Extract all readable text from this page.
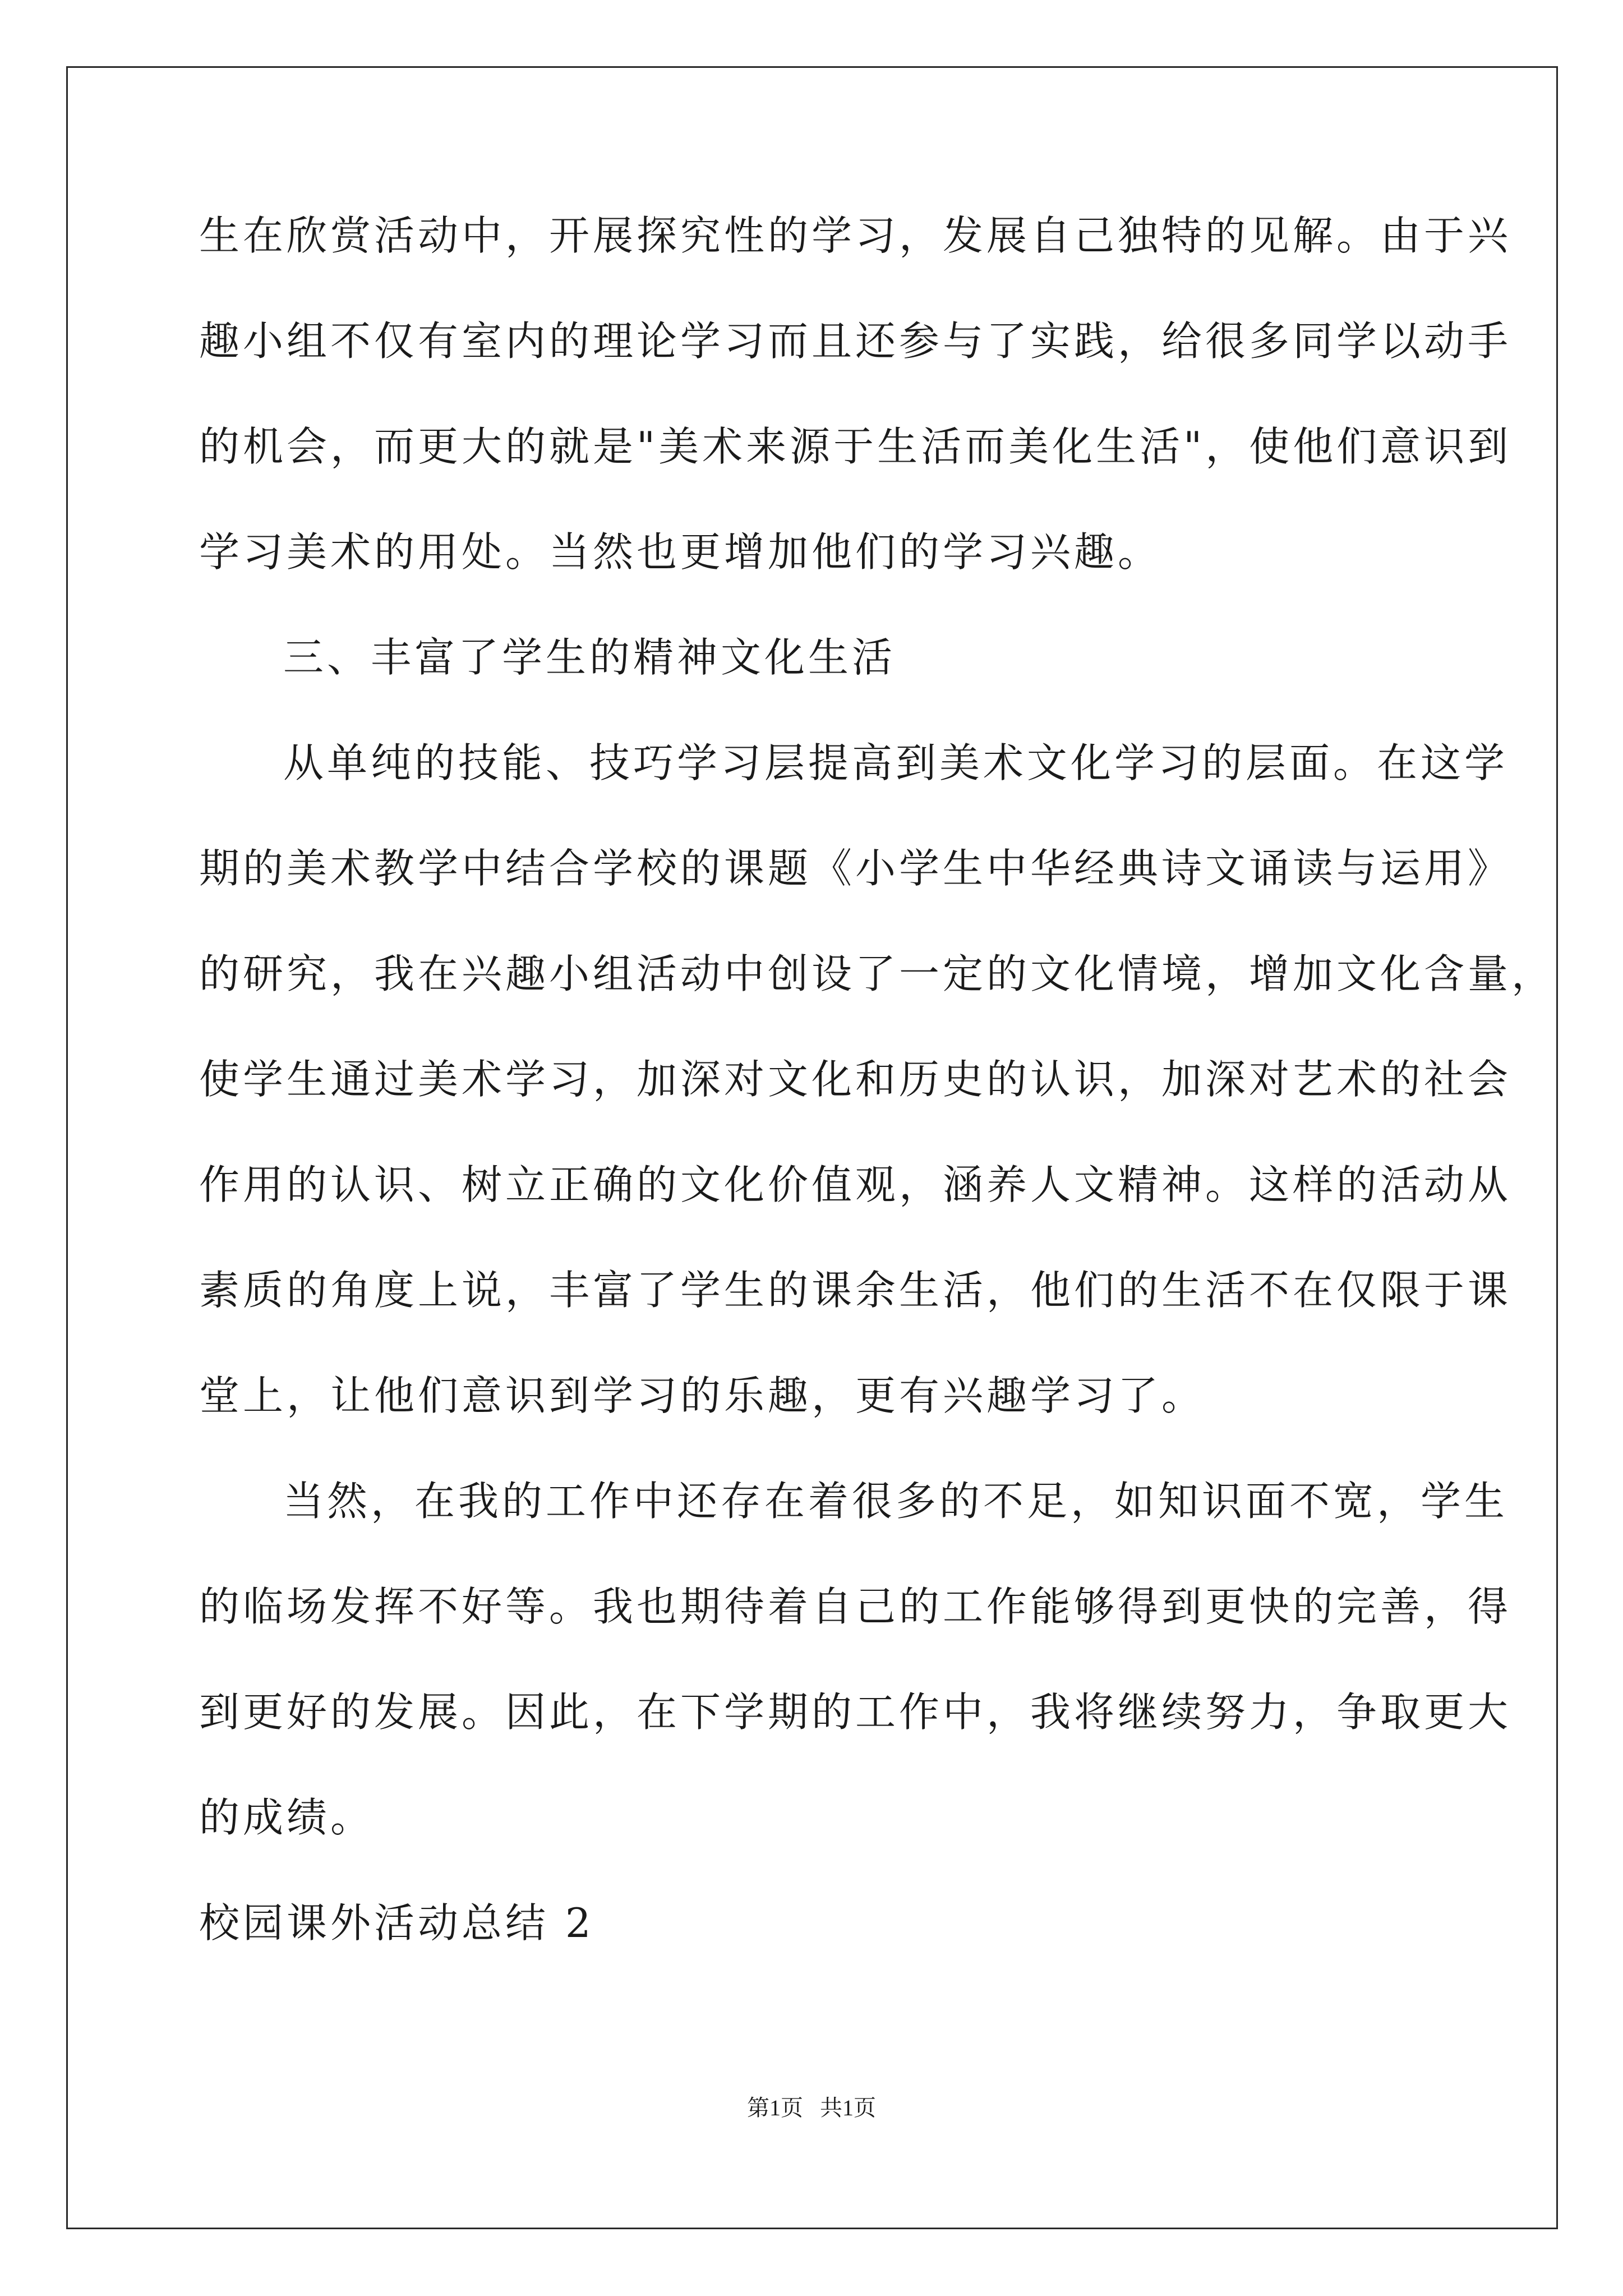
生在欣赏活动中，开展探究性的学习，发展自己独特的见解。由于兴
趣小组不仅有室内的理论学习而且还参与了实践，给很多同学以动手
的机会，而更大的就是"美术来源于生活而美化生活"，使他们意识到
学习美术的用处。当然也更增加他们的学习兴趣。
三、丰富了学生的精神文化生活
从单纯的技能、技巧学习层提高到美术文化学习的层面。在这学
期的美术教学中结合学校的课题《小学生中华经典诗文诵读与运用》
的研究，我在兴趣小组活动中创设了一定的文化情境，增加文化含量，
使学生通过美术学习，加深对文化和历史的认识，加深对艺术的社会
作用的认识、树立正确的文化价值观，涵养人文精神。这样的活动从
素质的角度上说，丰富了学生的课余生活，他们的生活不在仅限于课
堂上，让他们意识到学习的乐趣，更有兴趣学习了。
当然，在我的工作中还存在着很多的不足，如知识面不宽，学生
的临场发挥不好等。我也期待着自己的工作能够得到更快的完善，得
到更好的发展。因此，在下学期的工作中，我将继续努力，争取更大
的成绩。
校园课外活动总结 2
第1页   共1页
